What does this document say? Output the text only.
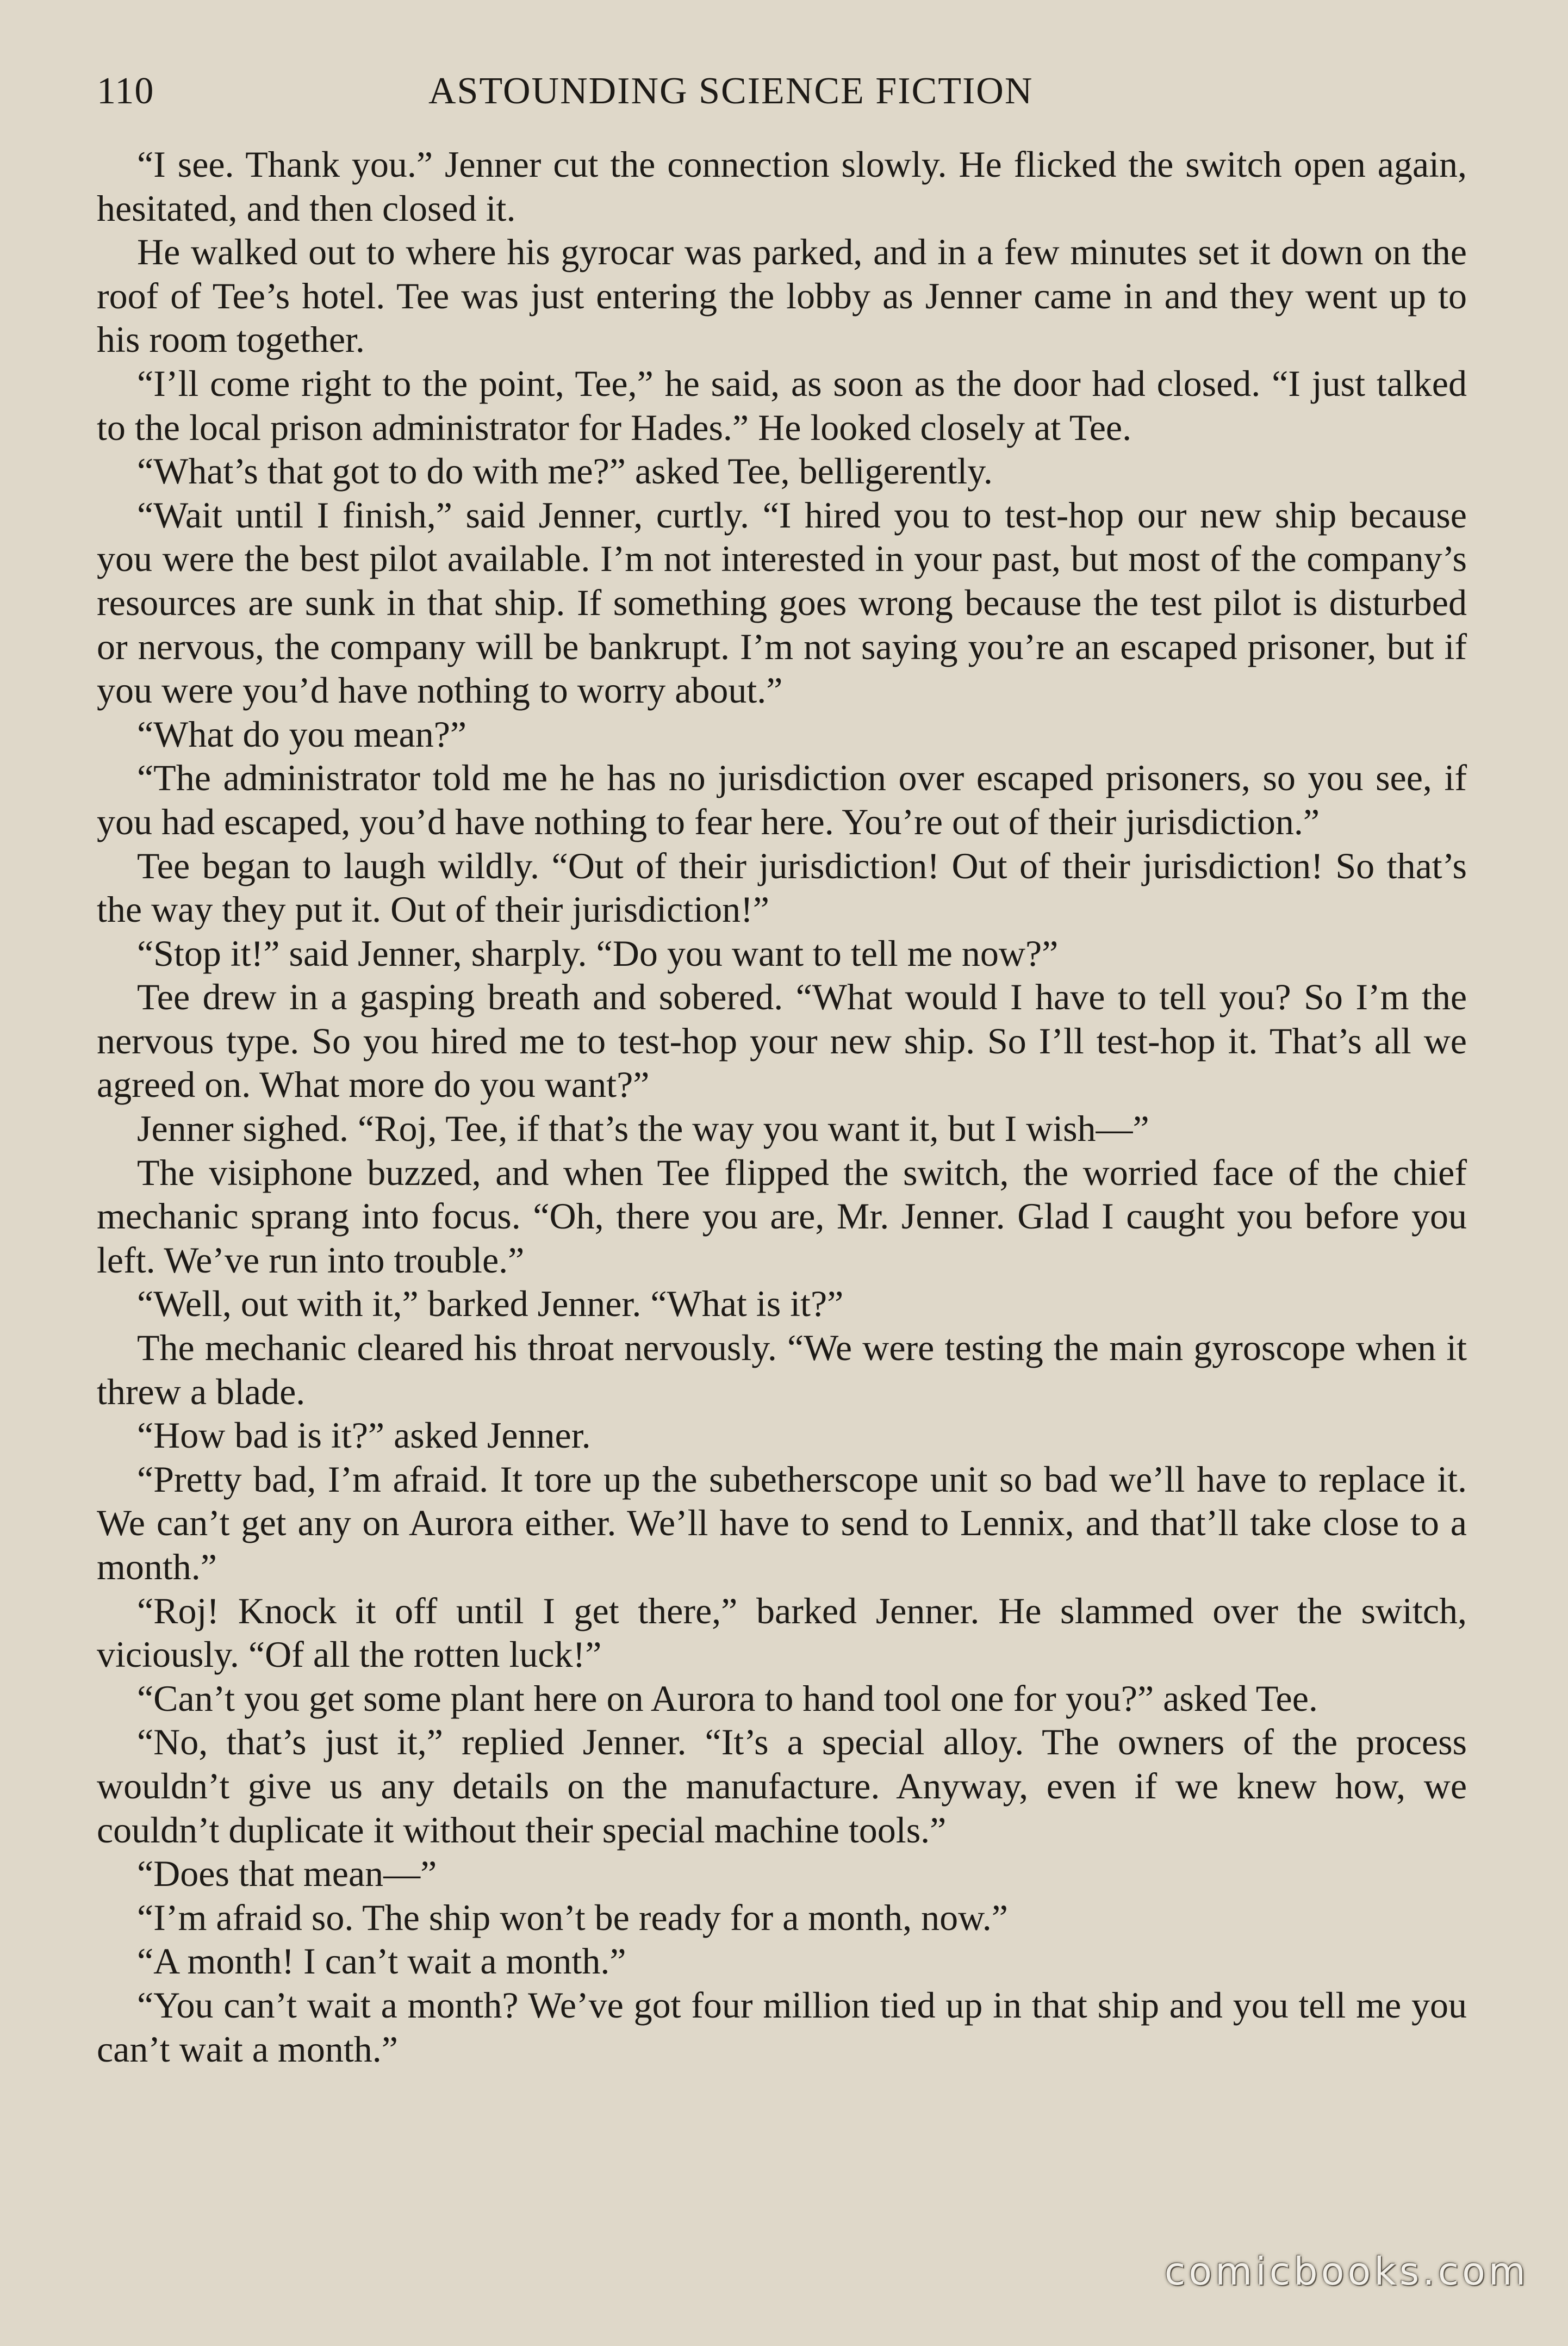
110	ASTOUNDING SCIENCE FICTION

“I see. Thank you.” Jenner cut the connection slowly. He flicked the switch open again, hesitated, and then closed it.

He walked out to where his gyrocar was parked, and in a few minutes set it down on the roof of Tee’s hotel. Tee was just entering the lobby as Jenner came in and they went up to his room together.

“I’ll come right to the point, Tee,” he said, as soon as the door had closed. “I just talked to the local prison administrator for Hades.” He looked closely at Tee.

“What’s that got to do with me?” asked Tee, belligerently.

“Wait until I finish,” said Jenner, curtly. “I hired you to test-hop our new ship because you were the best pilot available. I’m not interested in your past, but most of the company’s resources are sunk in that ship. If something goes wrong because the test pilot is disturbed or nervous, the company will be bankrupt. I’m not saying you’re an escaped prisoner, but if you were you’d have nothing to worry about.”

“What do you mean?”

“The administrator told me he has no jurisdiction over escaped prisoners, so you see, if you had escaped, you’d have nothing to fear here. You’re out of their jurisdiction.”

Tee began to laugh wildly. “Out of their jurisdiction! Out of their jurisdiction! So that’s the way they put it. Out of their jurisdiction!”

“Stop it!” said Jenner, sharply. “Do you want to tell me now?”

Tee drew in a gasping breath and sobered. “What would I have to tell you? So I’m the nervous type. So you hired me to test-hop your new ship. So I’ll test-hop it. That’s all we agreed on. What more do you want?”

Jenner sighed. “Roj, Tee, if that’s the way you want it, but I wish—”

The visiphone buzzed, and when Tee flipped the switch, the worried face of the chief mechanic sprang into focus. “Oh, there you are, Mr. Jenner. Glad I caught you before you left. We’ve run into trouble.”

“Well, out with it,” barked Jenner. “What is it?”

The mechanic cleared his throat nervously. “We were testing the main gyroscope when it threw a blade.

“How bad is it?” asked Jenner.

“Pretty bad, I’m afraid. It tore up the subetherscope unit so bad we’ll have to replace it. We can’t get any on Aurora either. We’ll have to send to Lennix, and that’ll take close to a month.”

“Roj! Knock it off until I get there,” barked Jenner. He slammed over the switch, viciously. “Of all the rotten luck!”

“Can’t you get some plant here on Aurora to hand tool one for you?” asked Tee.

“No, that’s just it,” replied Jenner. “It’s a special alloy. The owners of the process wouldn’t give us any details on the manufacture. Anyway, even if we knew how, we couldn’t duplicate it without their special machine tools.”

“Does that mean—”

“I’m afraid so. The ship won’t be ready for a month, now.”

“A month! I can’t wait a month.”

“You can’t wait a month? We’ve got four million tied up in that ship and you tell me you can’t wait a month.”

comicbooks.com
